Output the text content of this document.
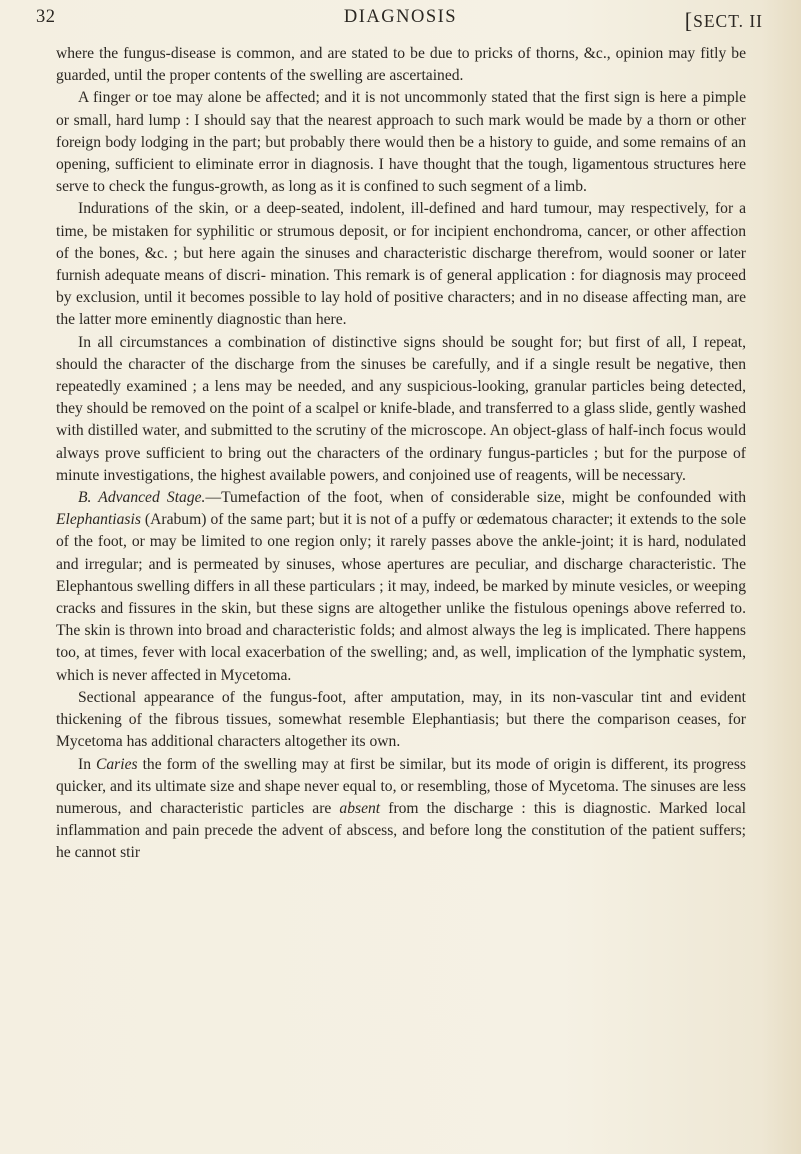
32	DIAGNOSIS	[SECT. II

where the fungus-disease is common, and are stated to be due to pricks of thorns, &c., opinion may fitly be guarded, until the proper contents of the swelling are ascertained.

A finger or toe may alone be affected; and it is not uncommonly stated that the first sign is here a pimple or small, hard lump : I should say that the nearest approach to such mark would be made by a thorn or other foreign body lodging in the part; but probably there would then be a history to guide, and some remains of an opening, sufficient to eliminate error in diagnosis. I have thought that the tough, ligamentous structures here serve to check the fungus-growth, as long as it is confined to such segment of a limb.

Indurations of the skin, or a deep-seated, indolent, ill-defined and hard tumour, may respectively, for a time, be mistaken for syphilitic or strumous deposit, or for incipient enchondroma, cancer, or other affection of the bones, &c. ; but here again the sinuses and characteristic discharge therefrom, would sooner or later furnish adequate means of discri- mination. This remark is of general application : for diagnosis may proceed by exclusion, until it becomes possible to lay hold of positive characters; and in no disease affecting man, are the latter more eminently diagnostic than here.

In all circumstances a combination of distinctive signs should be sought for; but first of all, I repeat, should the character of the discharge from the sinuses be carefully, and if a single result be negative, then repeatedly examined ; a lens may be needed, and any suspicious-looking, granular particles being detected, they should be removed on the point of a scalpel or knife-blade, and transferred to a glass slide, gently washed with distilled water, and submitted to the scrutiny of the microscope. An object-glass of half-inch focus would always prove sufficient to bring out the characters of the ordinary fungus-particles ; but for the purpose of minute investigations, the highest available powers, and conjoined use of reagents, will be necessary.

B. Advanced Stage.—Tumefaction of the foot, when of considerable size, might be confounded with Elephantiasis (Arabum) of the same part; but it is not of a puffy or œdematous character; it extends to the sole of the foot, or may be limited to one region only; it rarely passes above the ankle-joint; it is hard, nodulated and irregular; and is permeated by sinuses, whose apertures are peculiar, and discharge characteristic. The Elephantous swelling differs in all these particulars ; it may, indeed, be marked by minute vesicles, or weeping cracks and fissures in the skin, but these signs are altogether unlike the fistulous openings above referred to. The skin is thrown into broad and characteristic folds; and almost always the leg is implicated. There happens too, at times, fever with local exacerbation of the swelling; and, as well, implication of the lymphatic system, which is never affected in Mycetoma.

Sectional appearance of the fungus-foot, after amputation, may, in its non-vascular tint and evident thickening of the fibrous tissues, somewhat resemble Elephantiasis; but there the comparison ceases, for Mycetoma has additional characters altogether its own.

In Caries the form of the swelling may at first be similar, but its mode of origin is different, its progress quicker, and its ultimate size and shape never equal to, or resembling, those of Mycetoma. The sinuses are less numerous, and characteristic particles are absent from the discharge : this is diagnostic. Marked local inflammation and pain precede the advent of abscess, and before long the constitution of the patient suffers; he cannot stir
